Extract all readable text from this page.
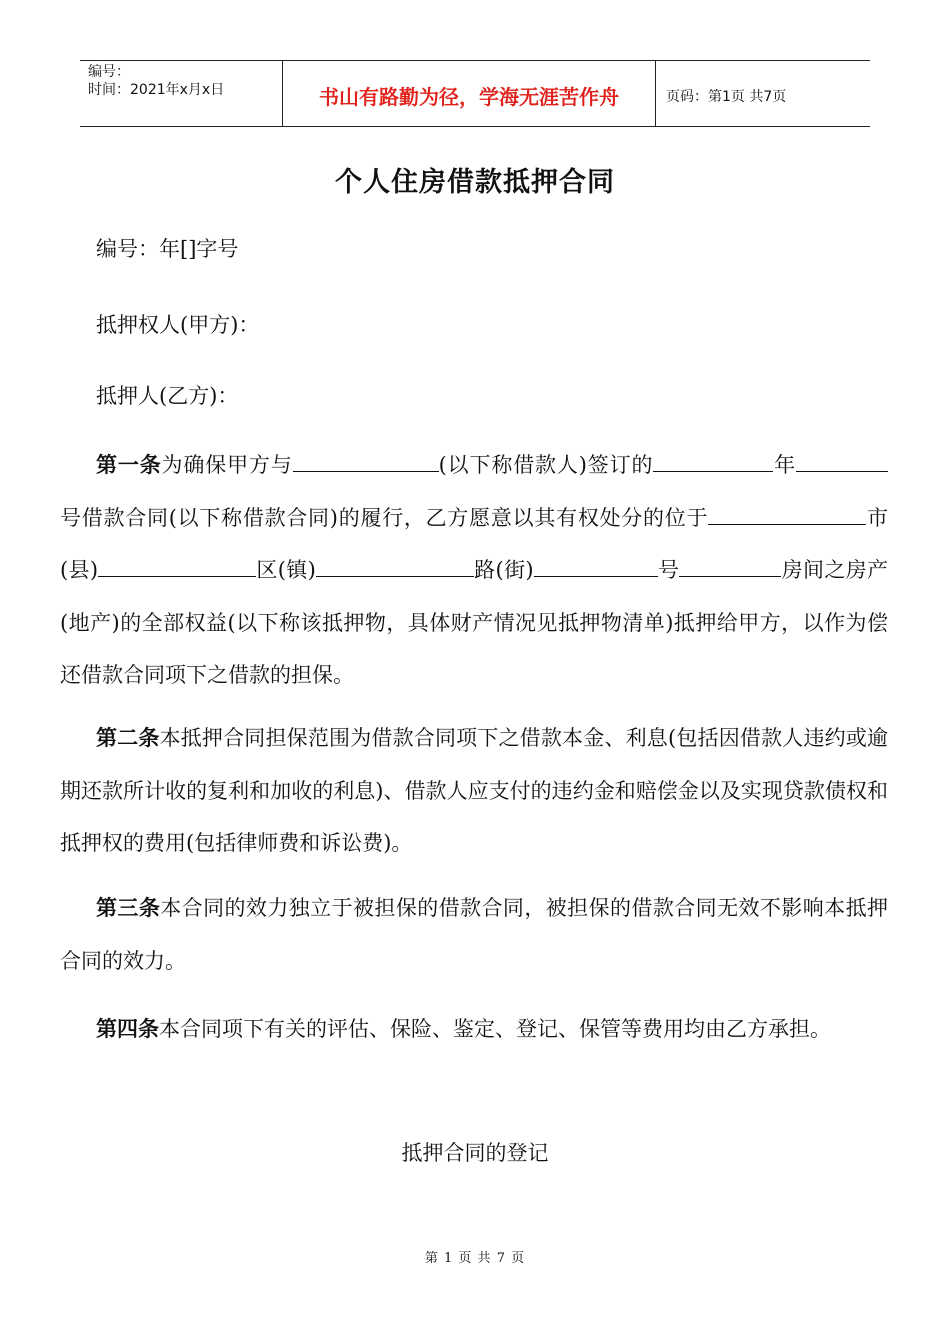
编号：
时间：2021年x月x日	书山有路勤为径，学海无涯苦作舟	页码：第1页 共7页
个人住房借款抵押合同
编号：年[]字号
抵押权人(甲方)：
抵押人(乙方)：
第一条为确保甲方与	(以下称借款人)签订的	年号借款合同(以下称借款合同)的履行，乙方愿意以其有权处分的位于	市(县)	区(镇)	路(街)	号	房间之房产(地产)的全部权益(以下称该抵押物，具体财产情况见抵押物清单)抵押给甲方，以作为偿还借款合同项下之借款的担保。
第二条本抵押合同担保范围为借款合同项下之借款本金、利息(包括因借款人违约或逾期还款所计收的复利和加收的利息)、借款人应支付的违约金和赔偿金以及实现贷款债权和抵押权的费用(包括律师费和诉讼费)。
第三条本合同的效力独立于被担保的借款合同，被担保的借款合同无效不影响本抵押合同的效力。
第四条本合同项下有关的评估、保险、鉴定、登记、保管等费用均由乙方承担。
抵押合同的登记
第 1 页 共 7 页
